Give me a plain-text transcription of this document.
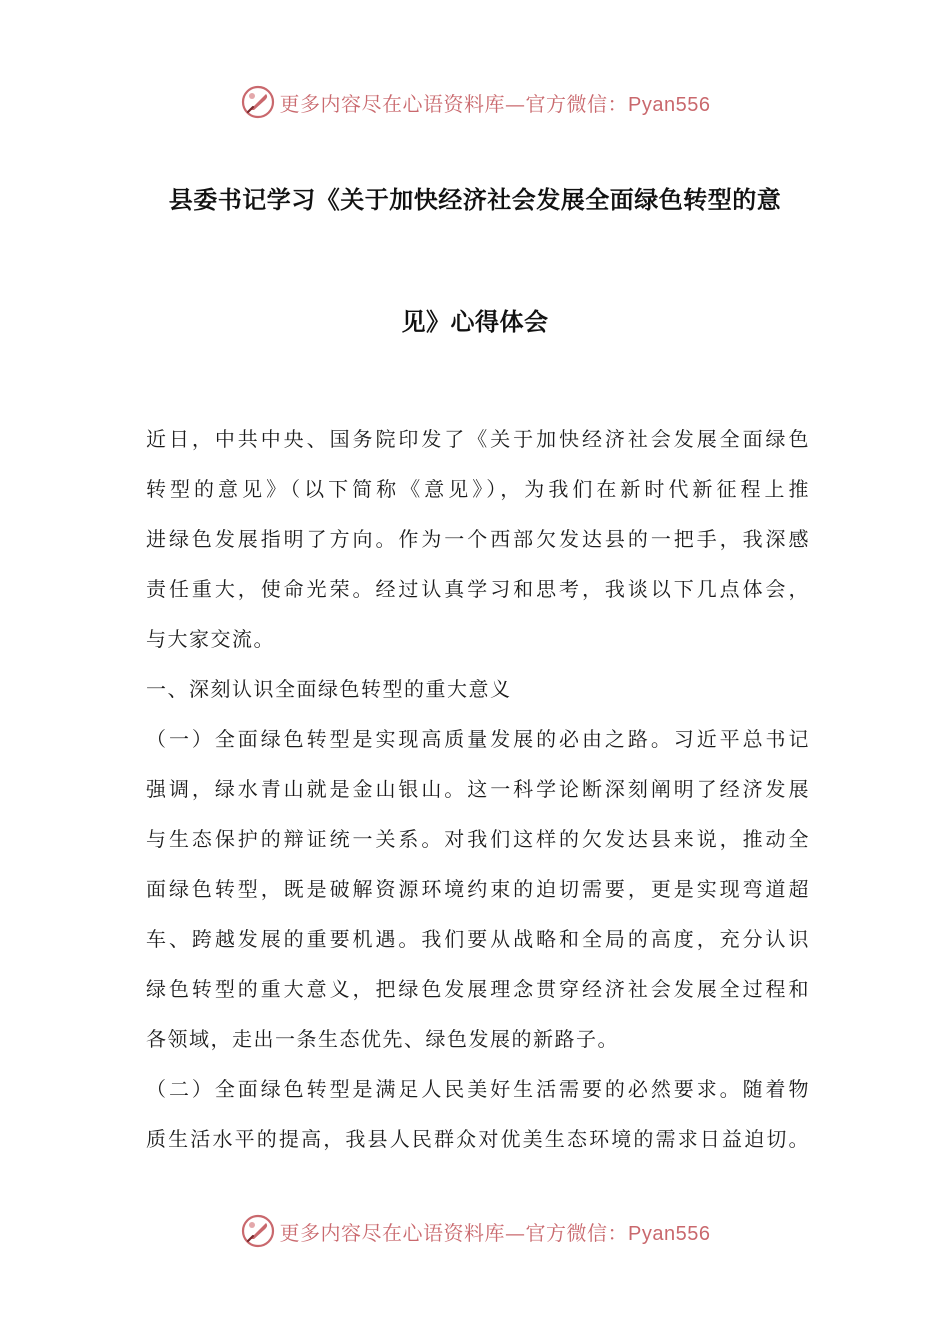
更多内容尽在心语资料库—官方微信：Pyan556
县委书记学习《关于加快经济社会发展全面绿色转型的意
见》心得体会
近日，中共中央、国务院印发了《关于加快经济社会发展全面绿色
转型的意见》（以下简称《意见》），为我们在新时代新征程上推
进绿色发展指明了方向。作为一个西部欠发达县的一把手，我深感
责任重大，使命光荣。经过认真学习和思考，我谈以下几点体会，
与大家交流。
一、深刻认识全面绿色转型的重大意义
（一）全面绿色转型是实现高质量发展的必由之路。习近平总书记
强调，绿水青山就是金山银山。这一科学论断深刻阐明了经济发展
与生态保护的辩证统一关系。对我们这样的欠发达县来说，推动全
面绿色转型，既是破解资源环境约束的迫切需要，更是实现弯道超
车、跨越发展的重要机遇。我们要从战略和全局的高度，充分认识
绿色转型的重大意义，把绿色发展理念贯穿经济社会发展全过程和
各领域，走出一条生态优先、绿色发展的新路子。
（二）全面绿色转型是满足人民美好生活需要的必然要求。随着物
质生活水平的提高，我县人民群众对优美生态环境的需求日益迫切。
更多内容尽在心语资料库—官方微信：Pyan556
